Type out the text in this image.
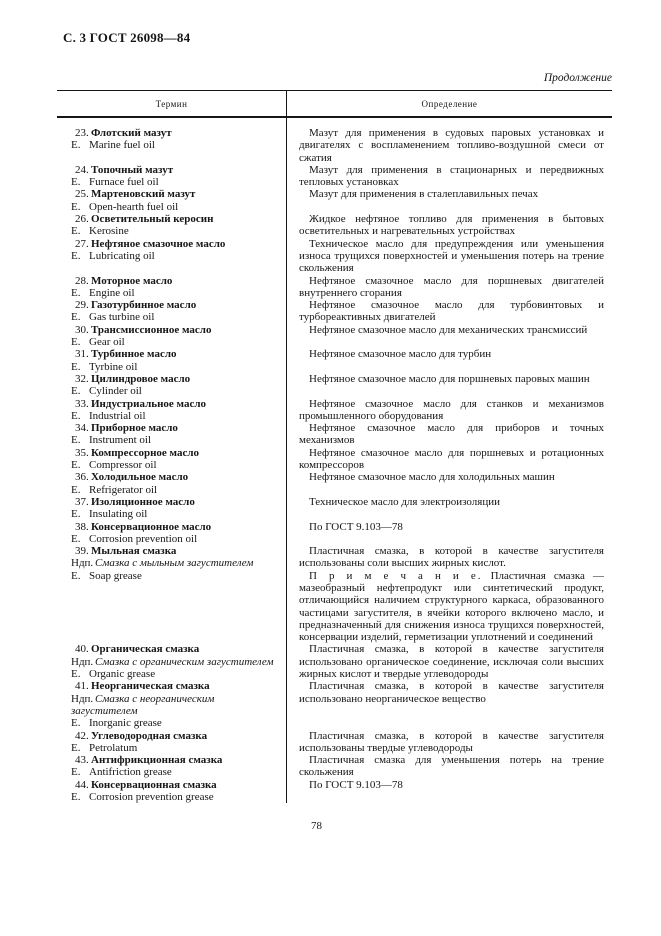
С. 3 ГОСТ 26098—84
Продолжение
Термин	Определение
23. Флотский мазут
E. Marine fuel oil

Мазут для применения в судовых паровых установках и двигателях с воспламенением топливо-воздушной смеси от сжатия

24. Топочный мазут
E. Furnace fuel oil

Мазут для применения в стационарных и передвижных тепловых установках

25. Мартеновский мазут
E. Open-hearth fuel oil

Мазут для применения в сталеплавильных печах

26. Осветительный керосин
E. Kerosine

Жидкое нефтяное топливо для применения в бытовых осветительных и нагревательных устройствах

27. Нефтяное смазочное масло
E. Lubricating oil

Техническое масло для предупреждения или уменьшения износа трущихся поверхностей и уменьшения потерь на трение скольжения

28. Моторное масло
E. Engine oil

Нефтяное смазочное масло для поршневых двигателей внутреннего сгорания

29. Газотурбинное масло
E. Gas turbine oil

Нефтяное смазочное масло для турбовинтовых и турбореактивных двигателей

30. Трансмиссионное масло
E. Gear oil

Нефтяное смазочное масло для механических трансмиссий

31. Турбинное масло
E. Tyrbine oil

Нефтяное смазочное масло для турбин

32. Цилиндровое масло
E. Cylinder oil

Нефтяное смазочное масло для поршневых паровых машин

33. Индустриальное масло
E. Industrial oil

Нефтяное смазочное масло для станков и механизмов промышленного оборудования

34. Приборное масло
E. Instrument oil

Нефтяное смазочное масло для приборов и точных механизмов

35. Компрессорное масло
E. Compressor oil

Нефтяное смазочное масло для поршневых и ротационных компрессоров

36. Холодильное масло
E. Refrigerator oil

Нефтяное смазочное масло для холодильных машин

37. Изоляционное масло
E. Insulating oil

Техническое масло для электроизоляции

38. Консервационное масло
E. Corrosion prevention oil

По ГОСТ 9.103—78

39. Мыльная смазка
Ндп. Смазка с мыльным загустителем
E. Soap grease

Пластичная смазка, в которой в качестве загустителя использованы соли высших жирных кислот.

П р и м е ч а н и е. Пластичная смазка — мазеобразный нефтепродукт или синтетический продукт, отличающийся наличием структурного каркаса, образованного частицами загустителя, в ячейки которого включено масло, и предназначенный для снижения износа трущихся поверхностей, консервации изделий, герметизации уплотнений и соединений

40. Органическая смазка
Ндп. Смазка с органическим загустителем
E. Organic grease

Пластичная смазка, в которой в качестве загустителя использовано органическое соединение, исключая соли высших жирных кислот и твердые углеводороды

41. Неорганическая смазка
Ндп. Смазка с неорганическим загустителем
E. Inorganic grease

Пластичная смазка, в которой в качестве загустителя использовано неорганическое вещество

42. Углеводородная смазка
E. Petrolatum

Пластичная смазка, в которой в качестве загустителя использованы твердые углеводороды

43. Антифрикционная смазка
E. Antifriction grease

Пластичная смазка для уменьшения потерь на трение скольжения

44. Консервационная смазка
E. Corrosion prevention grease

По ГОСТ 9.103—78

78
